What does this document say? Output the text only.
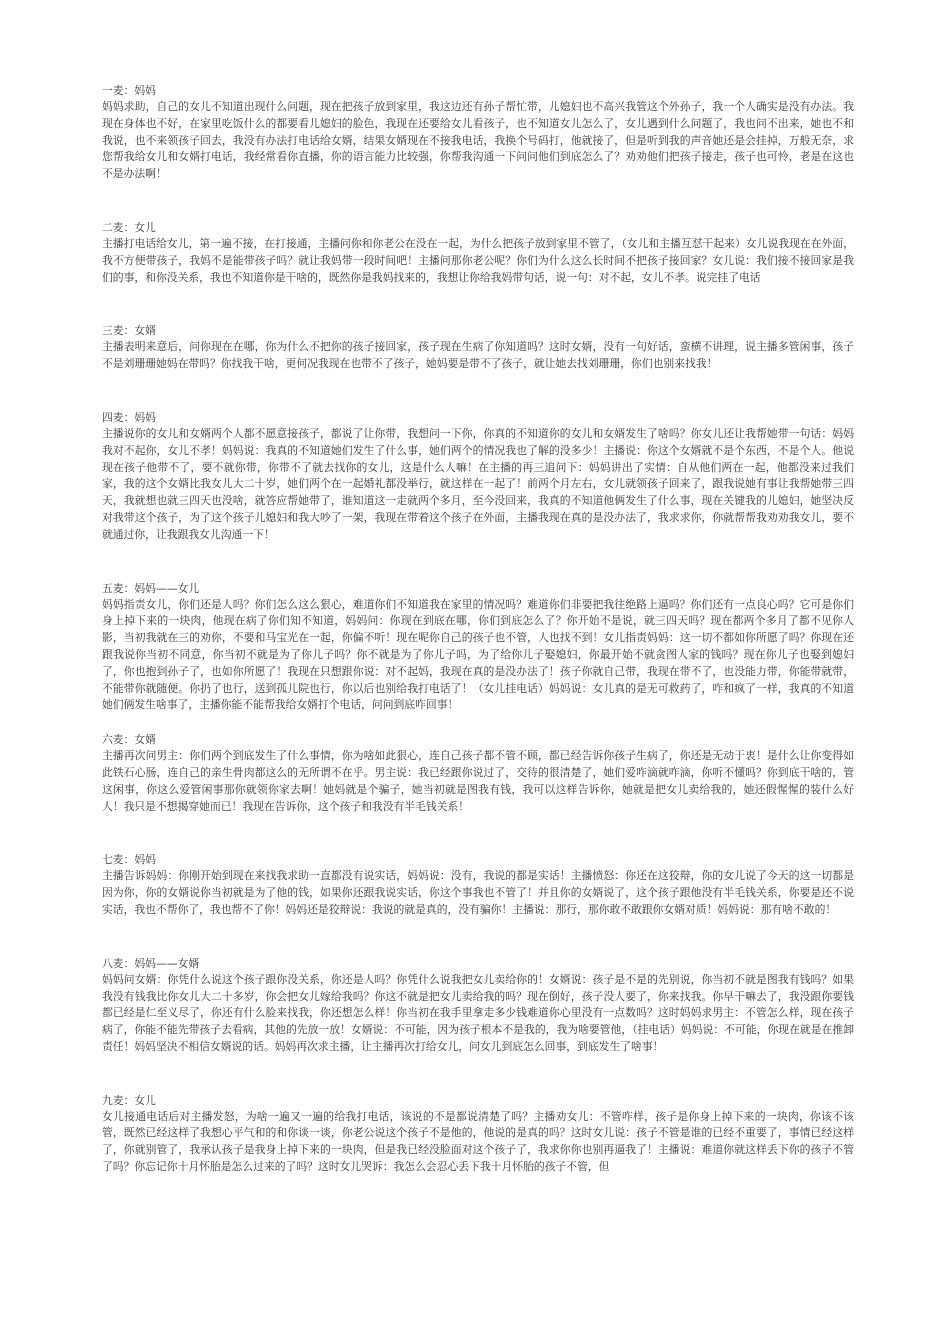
一麦：妈妈

妈妈求助，自己的女儿不知道出现什么问题，现在把孩子放到家里，我这边还有孙子帮忙带，儿媳妇也不高兴我管这个外孙子，我一个人确实是没有办法。我现在身体也不好，在家里吃饭什么的都要看儿媳妇的脸色，我现在还要给女儿看孩子，也不知道女儿怎么了，女儿遇到什么问题了，我也问不出来，她也不和我说，也不来领孩子回去，我没有办法打电话给女婿，结果女婿现在不接我电话，我换个号码打，他就接了，但是听到我的声音她还是会挂掉，万般无奈，求您帮我给女儿和女婿打电话，我经常看你直播，你的语言能力比较强，你帮我沟通一下问问他们到底怎么了？劝劝他们把孩子接走，孩子也可怜，老是在这也不是办法啊！

二麦：女儿

主播打电话给女儿，第一遍不接，在打接通，主播问你和你老公在没在一起，为什么把孩子放到家里不管了，（女儿和主播互怼干起来）女儿说我现在在外面，我不方便带孩子，我妈不是能带孩子吗？就让我妈带一段时间吧！主播问那你老公呢？你们为什么这么长时间不把孩子接回家？女儿说：我们接不接回家是我们的事，和你没关系，我也不知道你是干啥的，既然你是我妈找来的，我想让你给我妈带句话，说一句：对不起，女儿不孝。说完挂了电话

三麦：女婿

主播表明来意后，问你现在在哪，你为什么不把你的孩子接回家，孩子现在生病了你知道吗？这时女婿，没有一句好话，蛮横不讲理，说主播多管闲事，孩子不是刘珊珊她妈在带吗？你找我干啥，更何况我现在也带不了孩子，她妈要是带不了孩子，就让她去找刘珊珊，你们也别来找我！

四麦：妈妈

主播说你的女儿和女婿两个人都不愿意接孩子，都说了让你带，我想问一下你，你真的不知道你的女儿和女婿发生了啥吗？你女儿还让我帮她带一句话：妈妈我对不起你，女儿不孝！妈妈说：我真的不知道她们发生了什么事，她们两个的情况我也了解的没多少！主播说：你这个女婿就不是个东西，不是个人。他说现在孩子他带不了，要不就你带，你带不了就去找你的女儿，这是什么人嘛！在主播的再三追问下：妈妈讲出了实情：自从他们两在一起，他都没来过我们家，我的这个女婿比我女儿大二十岁，她们两个在一起婚礼都没举行，就这样在一起了！前两个月左右，女儿就领孩子回来了，跟我说她有事让我帮她带三四天，我就想也就三四天也没啥，就答应帮她带了，谁知道这一走就两个多月，至今没回来，我真的不知道他俩发生了什么事，现在关键我的儿媳妇，她坚决反对我带这个孩子，为了这个孩子儿媳妇和我大吵了一架，我现在带着这个孩子在外面，主播我现在真的是没办法了，我求求你，你就帮帮我劝劝我女儿，要不就通过你，让我跟我女儿沟通一下！

五麦：妈妈——女儿

妈妈指责女儿，你们还是人吗？你们怎么这么狠心，难道你们不知道我在家里的情况吗？难道你们非要把我往绝路上逼吗？你们还有一点良心吗？它可是你们身上掉下来的一块肉，他现在病了你们知不知道，妈妈问：你现在到底在哪，你们到底怎么了？你开始不是说，就三四天吗？现在都两个多月了都不见你人影，当初我就在三的劝你，不要和马宝光在一起，你偏不听！现在呢你自己的孩子也不管，人也找不到！女儿指责妈妈：这一切不都如你所愿了吗？你现在还跟我说你当初不同意，你当初不就是为了你儿子吗？你不就是为了你儿子吗，为了给你儿子娶媳妇，你最开始不就贪图人家的钱吗？现在你儿子也娶到媳妇了，你也抱到孙子了，也如你所愿了！我现在只想跟你说：对不起妈，我现在真的是没办法了！孩子你就自己带，我现在带不了，也没能力带，你能带就带，不能带你就随便。你扔了也行，送到孤儿院也行，你以后也别给我打电话了！（女儿挂电话）妈妈说：女儿真的是无可救药了，咋和疯了一样，我真的不知道她们俩发生啥事了，主播你能不能帮我给女婿打个电话，问问到底咋回事！

六麦：女婿

主播再次问男主：你们两个到底发生了什么事情，你为啥如此狠心，连自己孩子都不管不顾，都已经告诉你孩子生病了，你还是无动于衷！是什么让你变得如此铁石心肠，连自己的亲生骨肉都这么的无所谓不在乎。男主说：我已经跟你说过了，交待的很清楚了，她们爱咋滴就咋滴，你听不懂吗？你到底干啥的，管这闲事，你这么爱管闲事那你就领你家去啊！她妈就是个骗子，她当初就是图我有钱，我可以这样告诉你，她就是把女儿卖给我的，她还假惺惺的装什么好人！我只是不想揭穿她而已！我现在告诉你，这个孩子和我没有半毛钱关系！

七麦：妈妈

主播告诉妈妈：你刚开始到现在来找我求助一直都没有说实话，妈妈说：没有，我说的都是实话！主播愤怒：你还在这狡辩，你的女儿说了今天的这一切都是因为你，你的女婿说你当初就是为了他的钱，如果你还跟我说实话，你这个事我也不管了！并且你的女婿说了，这个孩子跟他没有半毛钱关系，你要是还不说实话，我也不帮你了，我也帮不了你！妈妈还是狡辩说：我说的就是真的，没有骗你！主播说：那行，那你敢不敢跟你女婿对质！妈妈说：那有啥不敢的！

八麦：妈妈——女婿

妈妈问女婿：你凭什么说这个孩子跟你没关系，你还是人吗？你凭什么说我把女儿卖给你的！女婿说：孩子是不是的先别说，你当初不就是图我有钱吗？如果我没有钱我比你女儿大二十多岁，你会把女儿嫁给我吗？你这不就是把女儿卖给我的吗？现在倒好，孩子没人要了，你来找我。你早干嘛去了，我没跟你要钱都已经是仁至义尽了，你还有什么脸来找我，你还想怎么样！你当初在我手里拿走多少钱难道你心里没有一点数吗？这时妈妈求男主：不管怎么样，现在孩子病了，你能不能先带孩子去看病，其他的先放一放！女婿说：不可能，因为孩子根本不是我的，我为啥要管他，（挂电话）妈妈说：不可能，你现在就是在推卸责任！妈妈坚决不相信女婿说的话。妈妈再次求主播，让主播再次打给女儿，问女儿到底怎么回事，到底发生了啥事！

九麦：女儿

女儿接通电话后对主播发怒，为啥一遍又一遍的给我打电话，该说的不是都说清楚了吗？主播劝女儿：不管咋样，孩子是你身上掉下来的一块肉，你该不该管，既然已经这样了我想心平气和的和你谈一谈，你老公说这个孩子不是他的，他说的是真的吗？这时女儿说：孩子不管是谁的已经不重要了，事情已经这样了，你就别管了，我承认孩子是我身上掉下来的一块肉，但是我已经没脸面对这个孩子了，我求你你也别再逼我了！主播说：难道你就这样丢下你的孩子不管了吗？你忘记你十月怀胎是怎么过来的了吗？这时女儿哭诉：我怎么会忍心丢下我十月怀胎的孩子不管，但
